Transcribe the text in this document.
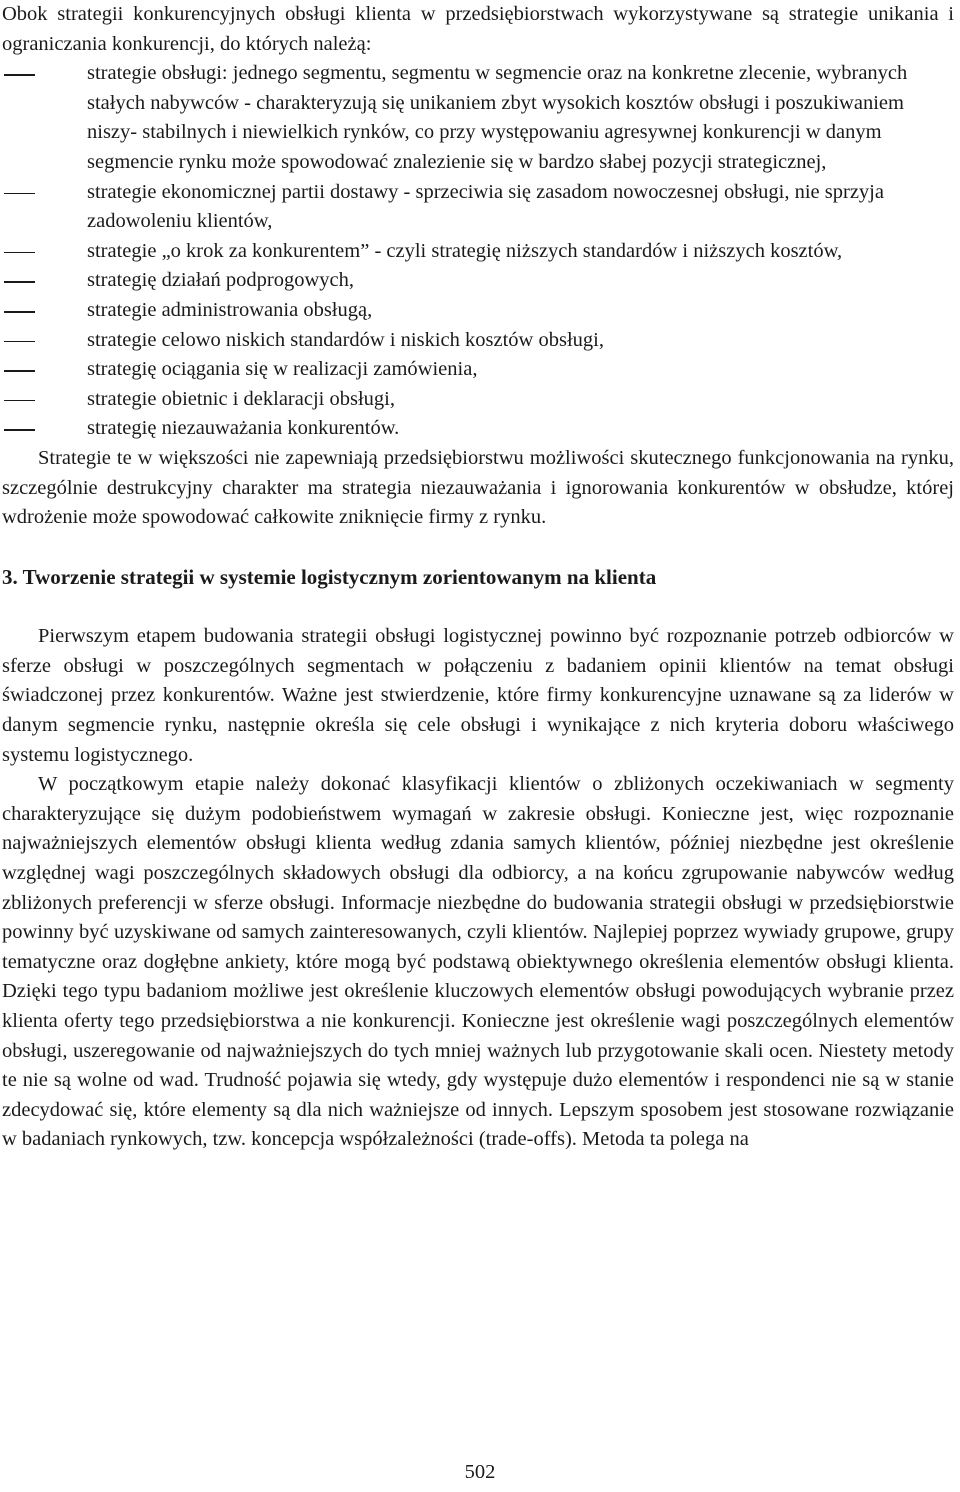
Obok strategii konkurencyjnych obsługi klienta w przedsiębiorstwach wykorzystywane są strategie unikania i ograniczania konkurencji, do których należą:

strategie obsługi: jednego segmentu, segmentu w segmencie oraz na konkretne zlecenie, wybranych stałych nabywców - charakteryzują się unikaniem zbyt wysokich kosztów obsługi i poszukiwaniem niszy- stabilnych i niewielkich rynków, co przy występowaniu agresywnej konkurencji w danym segmencie rynku może spowodować znalezienie się w bardzo słabej pozycji strategicznej,
strategie ekonomicznej partii dostawy - sprzeciwia się zasadom nowoczesnej obsługi, nie sprzyja zadowoleniu klientów,
strategie „o krok za konkurentem” - czyli strategię niższych standardów i niższych kosztów,
strategię działań podprogowych,
strategie administrowania obsługą,
strategie celowo niskich standardów i niskich kosztów obsługi,
strategię ociągania się w realizacji zamówienia,
strategie obietnic i deklaracji obsługi,
strategię niezauważania konkurentów.

Strategie te w większości nie zapewniają przedsiębiorstwu możliwości skutecznego funkcjonowania na rynku, szczególnie destrukcyjny charakter ma strategia niezauważania i ignorowania konkurentów w obsłudze, której wdrożenie może spowodować całkowite zniknięcie firmy z rynku.

3. Tworzenie strategii w systemie logistycznym zorientowanym na klienta

Pierwszym etapem budowania strategii obsługi logistycznej powinno być rozpoznanie potrzeb odbiorców w sferze obsługi w poszczególnych segmentach w połączeniu z badaniem opinii klientów na temat obsługi świadczonej przez konkurentów. Ważne jest stwierdzenie, które firmy konkurencyjne uznawane są za liderów w danym segmencie rynku, następnie określa się cele obsługi i wynikające z nich kryteria doboru właściwego systemu logistycznego.

W początkowym etapie należy dokonać klasyfikacji klientów o zbliżonych oczekiwaniach w segmenty charakteryzujące się dużym podobieństwem wymagań w zakresie obsługi. Konieczne jest, więc rozpoznanie najważniejszych elementów obsługi klienta według zdania samych klientów, później niezbędne jest określenie względnej wagi poszczególnych składowych obsługi dla odbiorcy, a na końcu zgrupowanie nabywców według zbliżonych preferencji w sferze obsługi. Informacje niezbędne do budowania strategii obsługi w przedsiębiorstwie powinny być uzyskiwane od samych zainteresowanych, czyli klientów. Najlepiej poprzez wywiady grupowe, grupy tematyczne oraz dogłębne ankiety, które mogą być podstawą obiektywnego określenia elementów obsługi klienta. Dzięki tego typu badaniom możliwe jest określenie kluczowych elementów obsługi powodujących wybranie przez klienta oferty tego przedsiębiorstwa a nie konkurencji. Konieczne jest określenie wagi poszczególnych elementów obsługi, uszeregowanie od najważniejszych do tych mniej ważnych lub przygotowanie skali ocen. Niestety metody te nie są wolne od wad. Trudność pojawia się wtedy, gdy występuje dużo elementów i respondenci nie są w stanie zdecydować się, które elementy są dla nich ważniejsze od innych. Lepszym sposobem jest stosowane rozwiązanie w badaniach rynkowych, tzw. koncepcja współzależności (trade-offs). Metoda ta polega na

502
